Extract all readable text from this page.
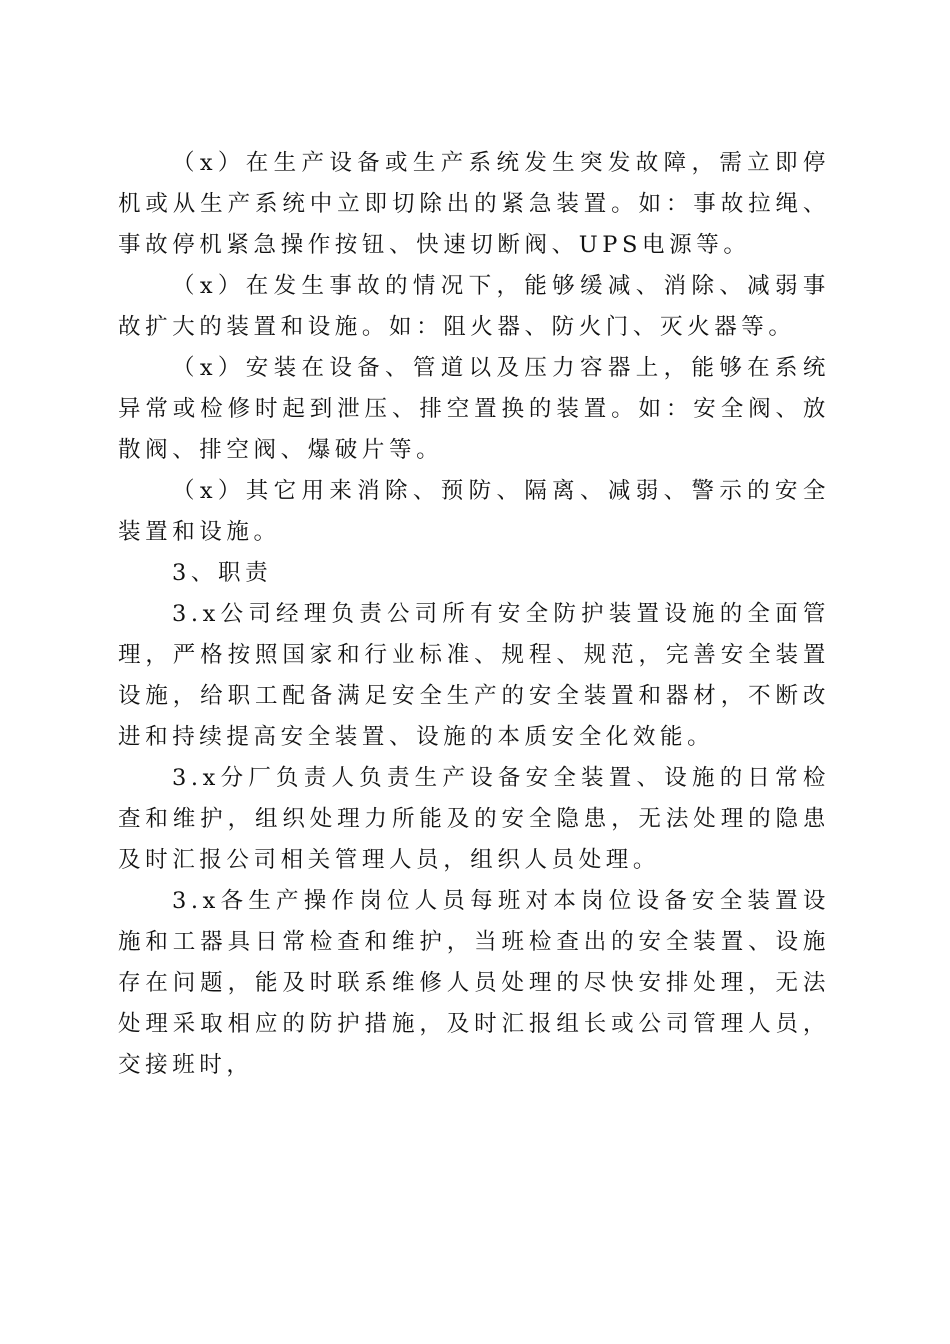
（x）在生产设备或生产系统发生突发故障，需立即停机或从生产系统中立即切除出的紧急装置。如：事故拉绳、事故停机紧急操作按钮、快速切断阀、UPS电源等。

（x）在发生事故的情况下，能够缓减、消除、减弱事故扩大的装置和设施。如：阻火器、防火门、灭火器等。

（x）安装在设备、管道以及压力容器上，能够在系统异常或检修时起到泄压、排空置换的装置。如：安全阀、放散阀、排空阀、爆破片等。

（x）其它用来消除、预防、隔离、减弱、警示的安全装置和设施。

3、职责

3.x公司经理负责公司所有安全防护装置设施的全面管理，严格按照国家和行业标准、规程、规范，完善安全装置设施，给职工配备满足安全生产的安全装置和器材，不断改进和持续提高安全装置、设施的本质安全化效能。

3.x分厂负责人负责生产设备安全装置、设施的日常检查和维护，组织处理力所能及的安全隐患，无法处理的隐患及时汇报公司相关管理人员，组织人员处理。

3.x各生产操作岗位人员每班对本岗位设备安全装置设施和工器具日常检查和维护，当班检查出的安全装置、设施存在问题，能及时联系维修人员处理的尽快安排处理，无法处理采取相应的防护措施，及时汇报组长或公司管理人员，交接班时，
